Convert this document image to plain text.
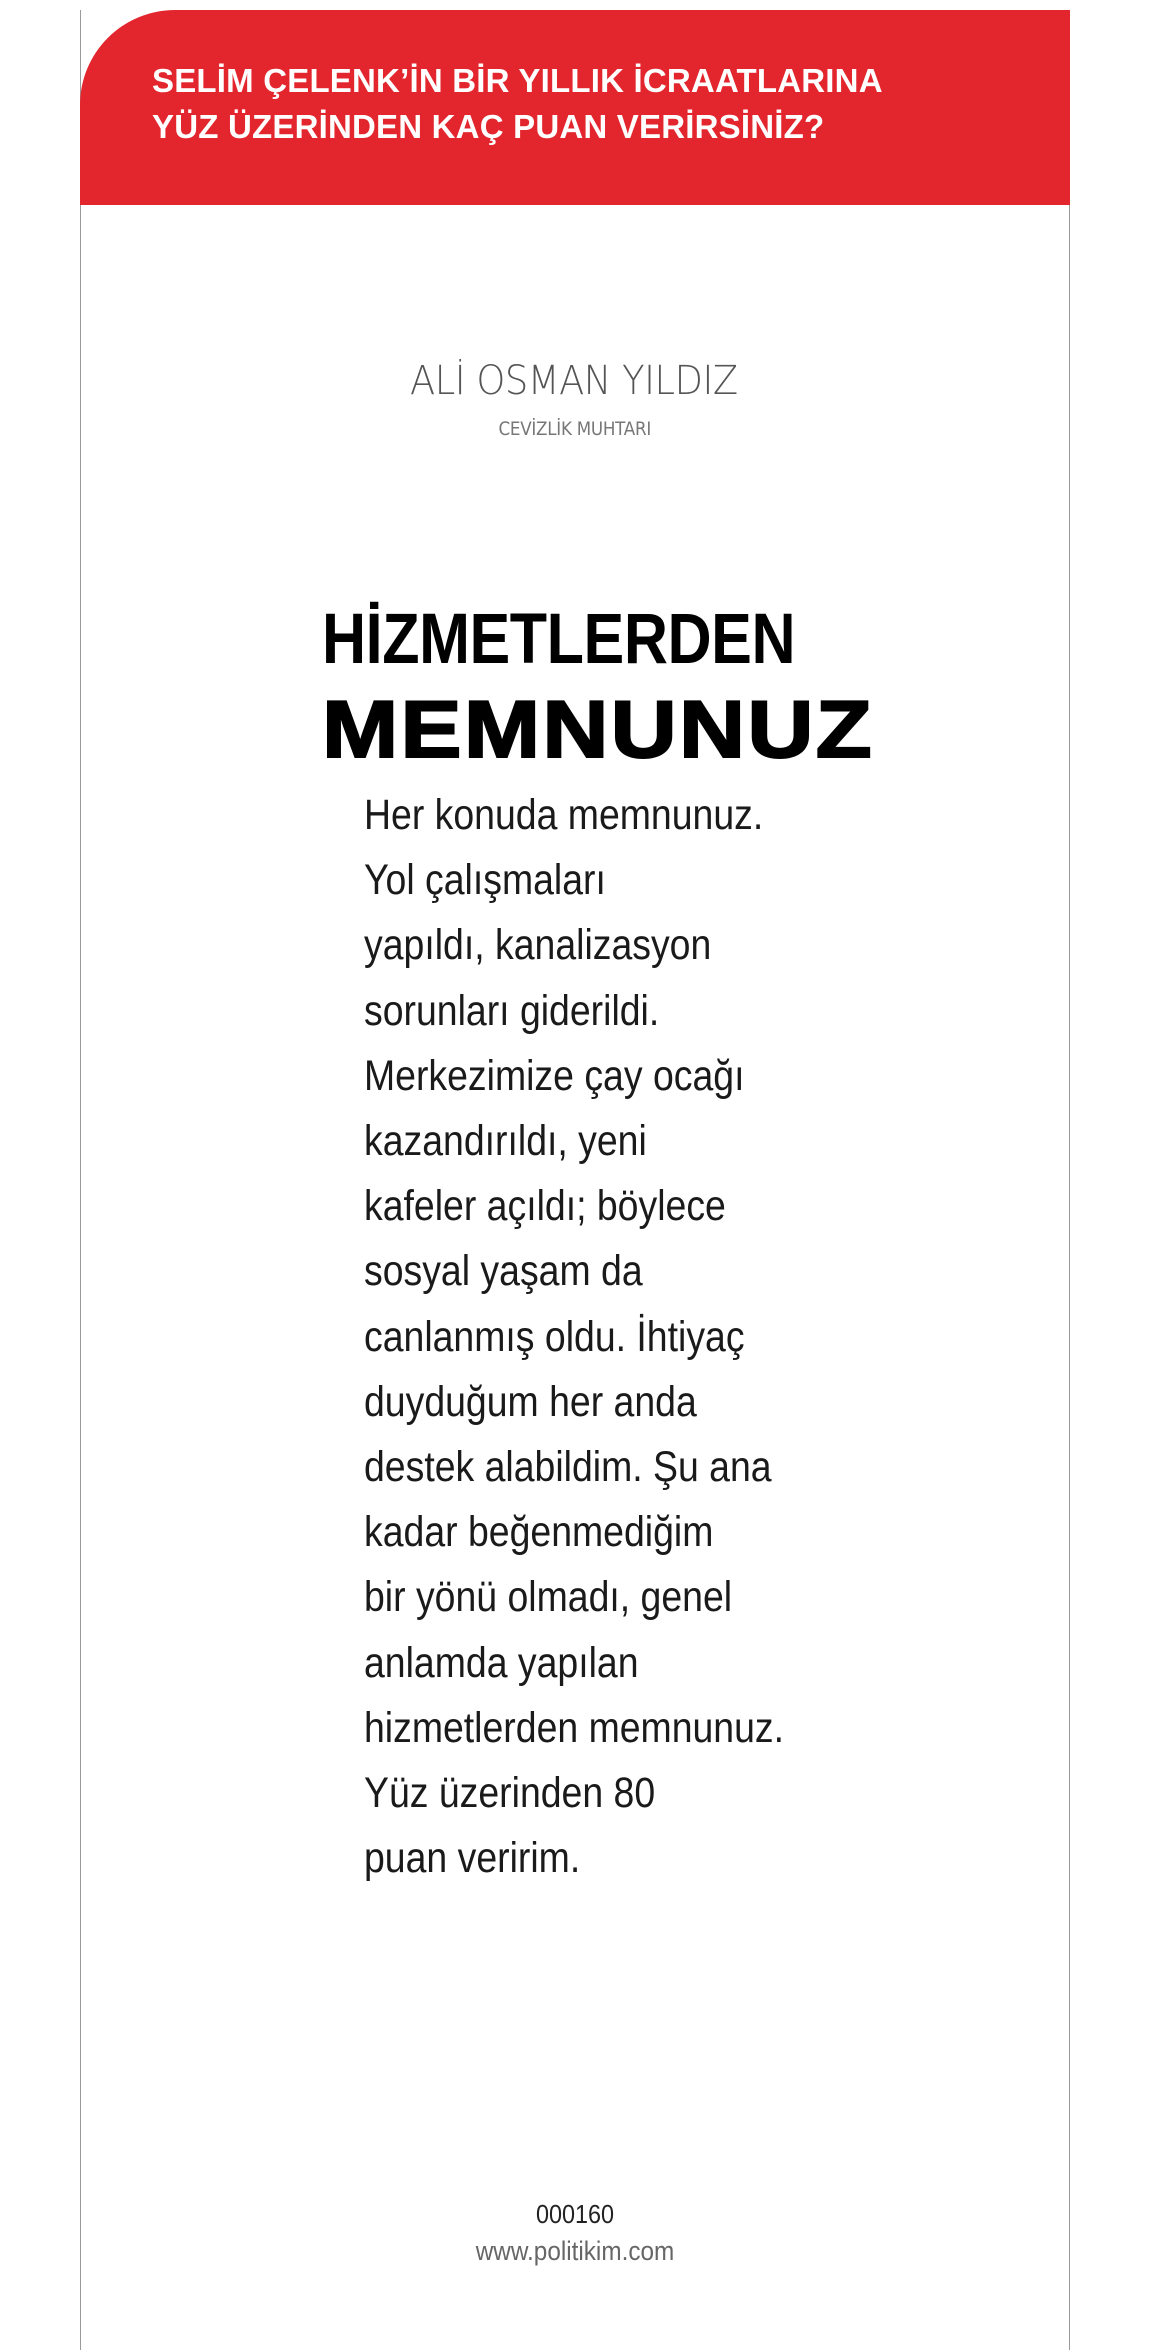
SELİM ÇELENK’İN BİR YILLIK İCRAATLARINA
YÜZ ÜZERİNDEN KAÇ PUAN VERİRSİNİZ?
ALİ OSMAN YILDIZ
CEVİZLİK MUHTARI
HİZMETLERDEN
MEMNUNUZ

Her konuda memnunuz.
Yol çalışmaları
yapıldı, kanalizasyon
sorunları giderildi.
Merkezimize çay ocağı
kazandırıldı, yeni
kafeler açıldı; böylece
sosyal yaşam da
canlanmış oldu. İhtiyaç
duyduğum her anda
destek alabildim. Şu ana
kadar beğenmediğim
bir yönü olmadı, genel
anlamda yapılan
hizmetlerden memnunuz.
Yüz üzerinden 80
puan veririm.

000160
www.politikim.com
